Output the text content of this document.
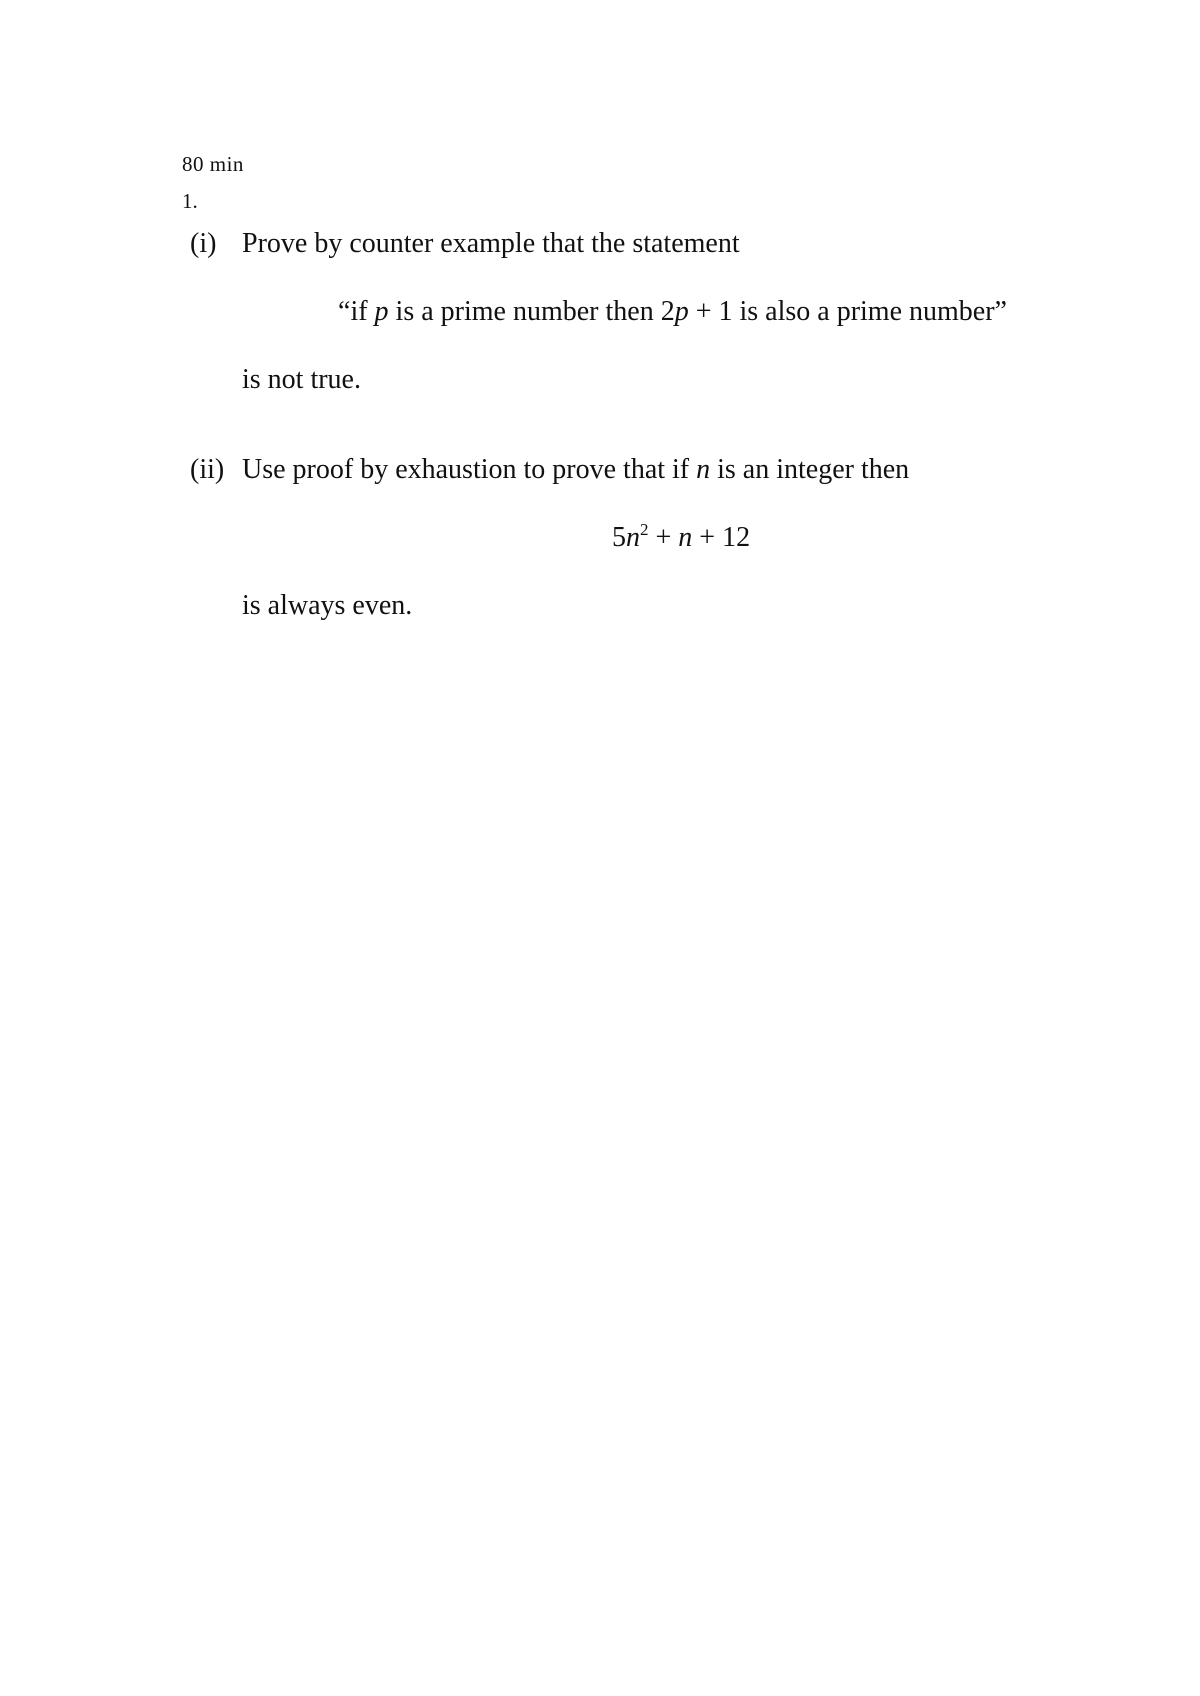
80 min
1.
(i) Prove by counter example that the statement
“if p is a prime number then 2p + 1 is also a prime number”
is not true.
(ii) Use proof by exhaustion to prove that if n is an integer then
$5n^2 + n + 12$
is always even.
